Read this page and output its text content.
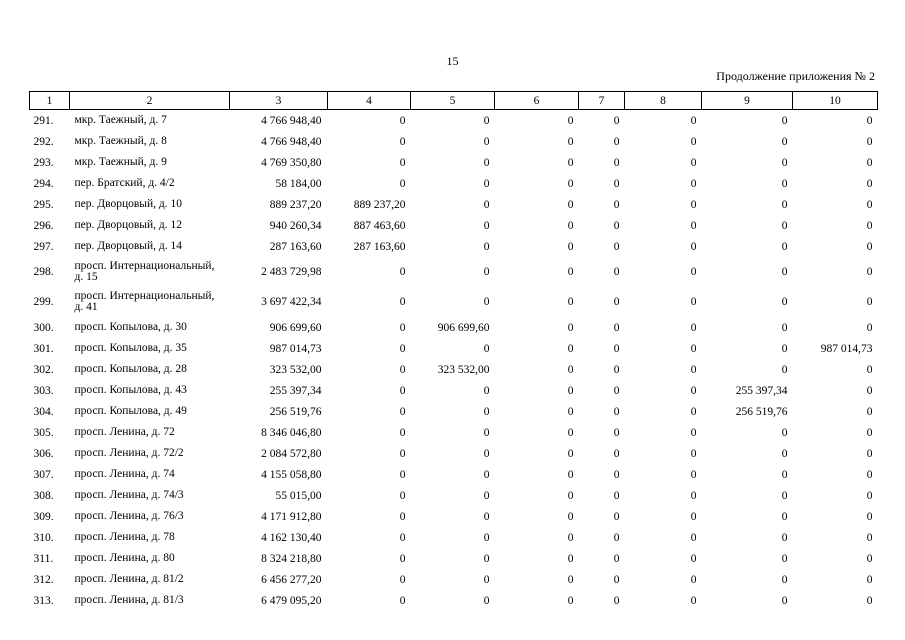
15
Продолжение приложения № 2
1	2	3	4	5	6	7	8	9	10
291.	мкр. Таежный, д. 7	4 766 948,40	0	0	0	0	0	0	0
292.	мкр. Таежный, д. 8	4 766 948,40	0	0	0	0	0	0	0
293.	мкр. Таежный, д. 9	4 769 350,80	0	0	0	0	0	0	0
294.	пер. Братский, д. 4/2	58 184,00	0	0	0	0	0	0	0
295.	пер. Дворцовый, д. 10	889 237,20	889 237,20	0	0	0	0	0	0
296.	пер. Дворцовый, д. 12	940 260,34	887 463,60	0	0	0	0	0	0
297.	пер. Дворцовый, д. 14	287 163,60	287 163,60	0	0	0	0	0	0
298.	просп. Интернациональный, д. 15	2 483 729,98	0	0	0	0	0	0	0
299.	просп. Интернациональный, д. 41	3 697 422,34	0	0	0	0	0	0	0
300.	просп. Копылова, д. 30	906 699,60	0	906 699,60	0	0	0	0	0
301.	просп. Копылова, д. 35	987 014,73	0	0	0	0	0	0	987 014,73
302.	просп. Копылова, д. 28	323 532,00	0	323 532,00	0	0	0	0	0
303.	просп. Копылова, д. 43	255 397,34	0	0	0	0	0	255 397,34	0
304.	просп. Копылова, д. 49	256 519,76	0	0	0	0	0	256 519,76	0
305.	просп. Ленина, д. 72	8 346 046,80	0	0	0	0	0	0	0
306.	просп. Ленина, д. 72/2	2 084 572,80	0	0	0	0	0	0	0
307.	просп. Ленина, д. 74	4 155 058,80	0	0	0	0	0	0	0
308.	просп. Ленина, д. 74/3	55 015,00	0	0	0	0	0	0	0
309.	просп. Ленина, д. 76/3	4 171 912,80	0	0	0	0	0	0	0
310.	просп. Ленина, д. 78	4 162 130,40	0	0	0	0	0	0	0
311.	просп. Ленина, д. 80	8 324 218,80	0	0	0	0	0	0	0
312.	просп. Ленина, д. 81/2	6 456 277,20	0	0	0	0	0	0	0
313.	просп. Ленина, д. 81/3	6 479 095,20	0	0	0	0	0	0	0
